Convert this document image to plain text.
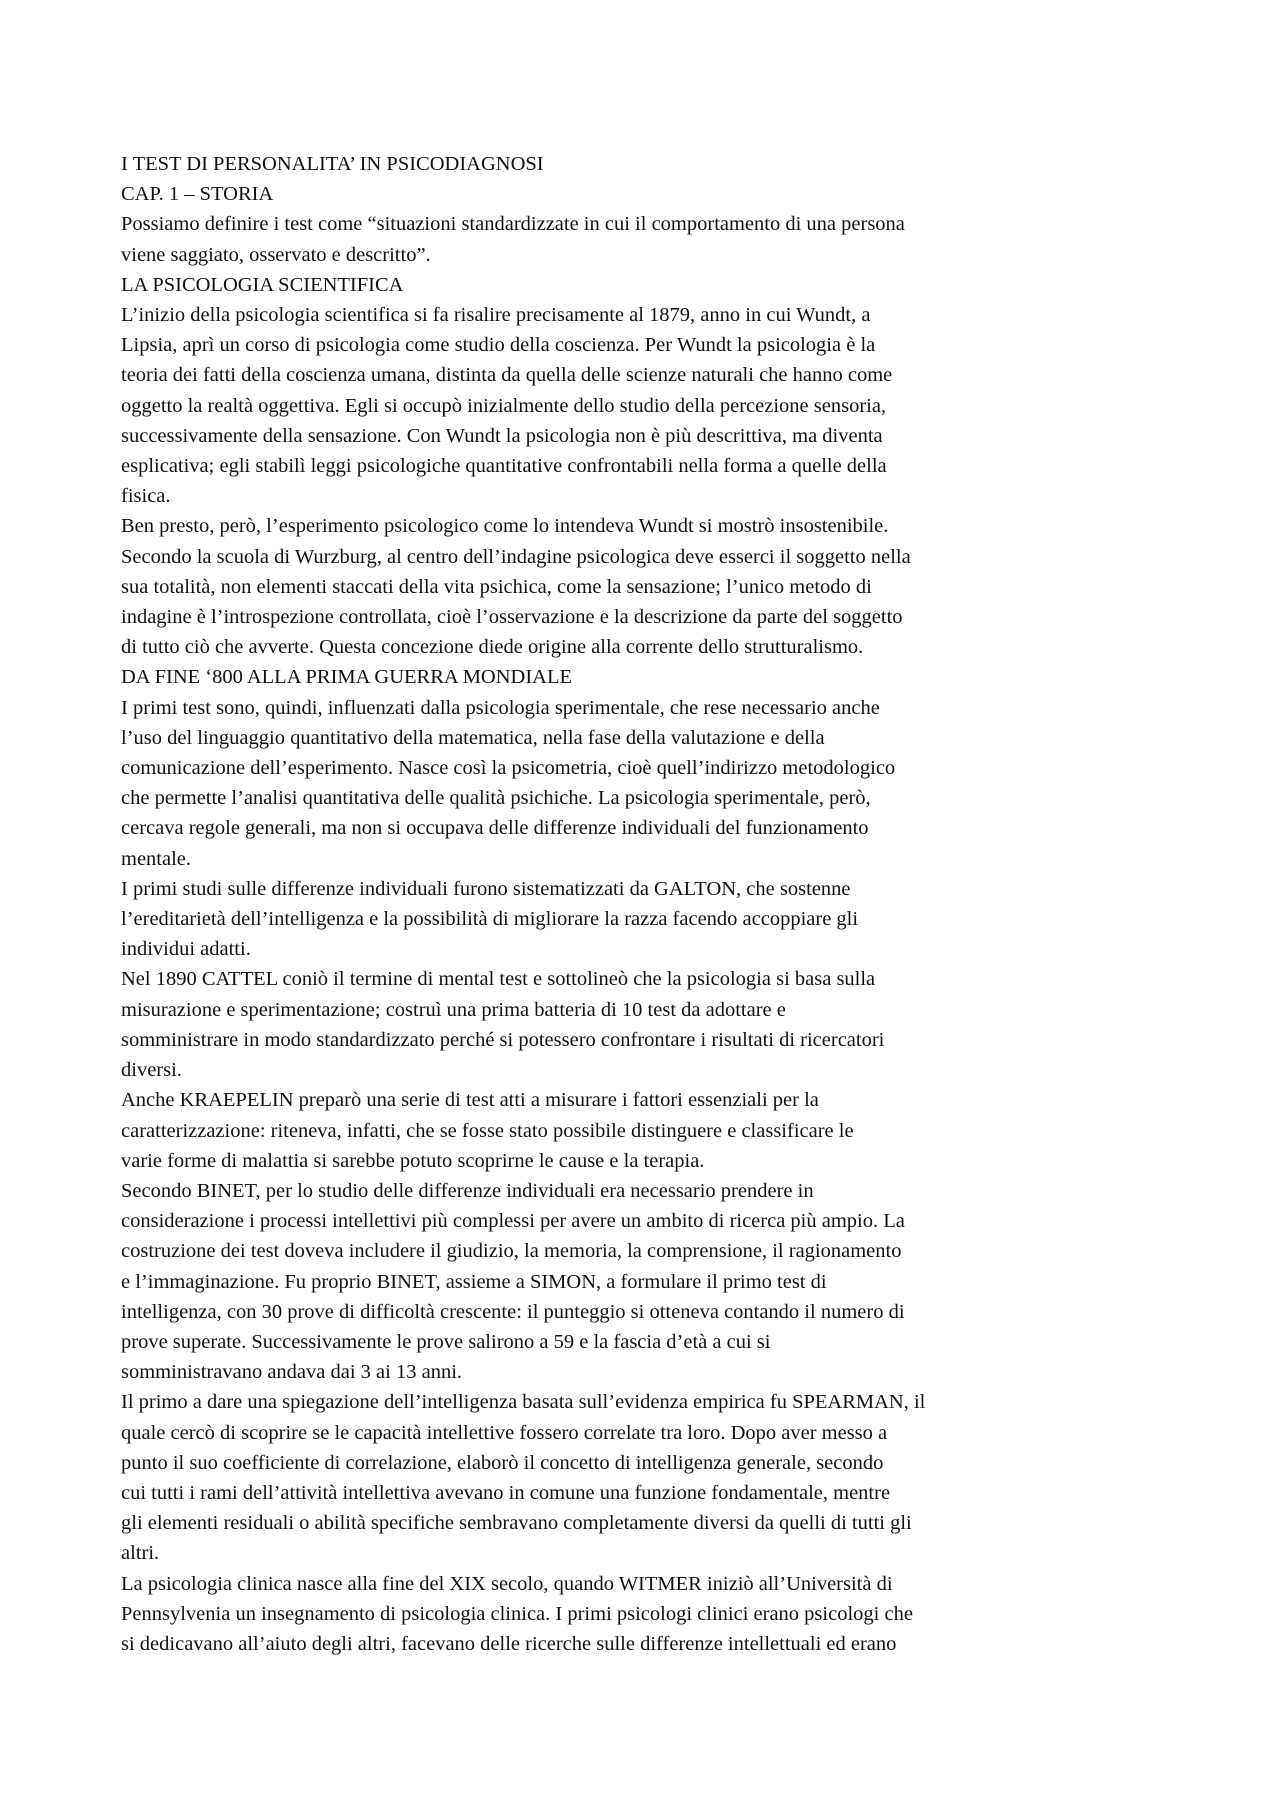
I TEST DI PERSONALITA’ IN PSICODIAGNOSI

CAP. 1 – STORIA

Possiamo definire i test come “situazioni standardizzate in cui il comportamento di una persona
viene saggiato, osservato e descritto”.
LA PSICOLOGIA SCIENTIFICA
L’inizio della psicologia scientifica si fa risalire precisamente al 1879, anno in cui Wundt, a
Lipsia, aprì un corso di psicologia come studio della coscienza. Per Wundt la psicologia è la
teoria dei fatti della coscienza umana, distinta da quella delle scienze naturali che hanno come
oggetto la realtà oggettiva. Egli si occupò inizialmente dello studio della percezione sensoria,
successivamente della sensazione. Con Wundt la psicologia non è più descrittiva, ma diventa
esplicativa; egli stabilì leggi psicologiche quantitative confrontabili nella forma a quelle della
fisica.
Ben presto, però, l’esperimento psicologico come lo intendeva Wundt si mostrò insostenibile.
Secondo la scuola di Wurzburg, al centro dell’indagine psicologica deve esserci il soggetto nella
sua totalità, non elementi staccati della vita psichica, come la sensazione; l’unico metodo di
indagine è l’introspezione controllata, cioè l’osservazione e la descrizione da parte del soggetto
di tutto ciò che avverte. Questa concezione diede origine alla corrente dello strutturalismo.
DA FINE ‘800 ALLA PRIMA GUERRA MONDIALE
I primi test sono, quindi, influenzati dalla psicologia sperimentale, che rese necessario anche
l’uso del linguaggio quantitativo della matematica, nella fase della valutazione e della
comunicazione dell’esperimento. Nasce così la psicometria, cioè quell’indirizzo metodologico
che permette l’analisi quantitativa delle qualità psichiche. La psicologia sperimentale, però,
cercava regole generali, ma non si occupava delle differenze individuali del funzionamento
mentale.
I primi studi sulle differenze individuali furono sistematizzati da GALTON, che sostenne
l’ereditarietà dell’intelligenza e la possibilità di migliorare la razza facendo accoppiare gli
individui adatti.
Nel 1890 CATTEL coniò il termine di mental test e sottolineò che la psicologia si basa sulla
misurazione e sperimentazione; costruì una prima batteria di 10 test da adottare e
somministrare in modo standardizzato perché si potessero confrontare i risultati di ricercatori
diversi.
Anche KRAEPELIN preparò una serie di test atti a misurare i fattori essenziali per la
caratterizzazione: riteneva, infatti, che se fosse stato possibile distinguere e classificare le
varie forme di malattia si sarebbe potuto scoprirne le cause e la terapia.
Secondo BINET, per lo studio delle differenze individuali era necessario prendere in
considerazione i processi intellettivi più complessi per avere un ambito di ricerca più ampio. La
costruzione dei test doveva includere il giudizio, la memoria, la comprensione, il ragionamento
e l’immaginazione. Fu proprio BINET, assieme a SIMON, a formulare il primo test di
intelligenza, con 30 prove di difficoltà crescente: il punteggio si otteneva contando il numero di
prove superate. Successivamente le prove salirono a 59 e la fascia d’età a cui si
somministravano andava dai 3 ai 13 anni.
Il primo a dare una spiegazione dell’intelligenza basata sull’evidenza empirica fu SPEARMAN, il
quale cercò di scoprire se le capacità intellettive fossero correlate tra loro. Dopo aver messo a
punto il suo coefficiente di correlazione, elaborò il concetto di intelligenza generale, secondo
cui tutti i rami dell’attività intellettiva avevano in comune una funzione fondamentale, mentre
gli elementi residuali o abilità specifiche sembravano completamente diversi da quelli di tutti gli
altri.
La psicologia clinica nasce alla fine del XIX secolo, quando WITMER iniziò all’Università di
Pennsylvenia un insegnamento di psicologia clinica. I primi psicologi clinici erano psicologi che
si dedicavano all’aiuto degli altri, facevano delle ricerche sulle differenze intellettuali ed erano
